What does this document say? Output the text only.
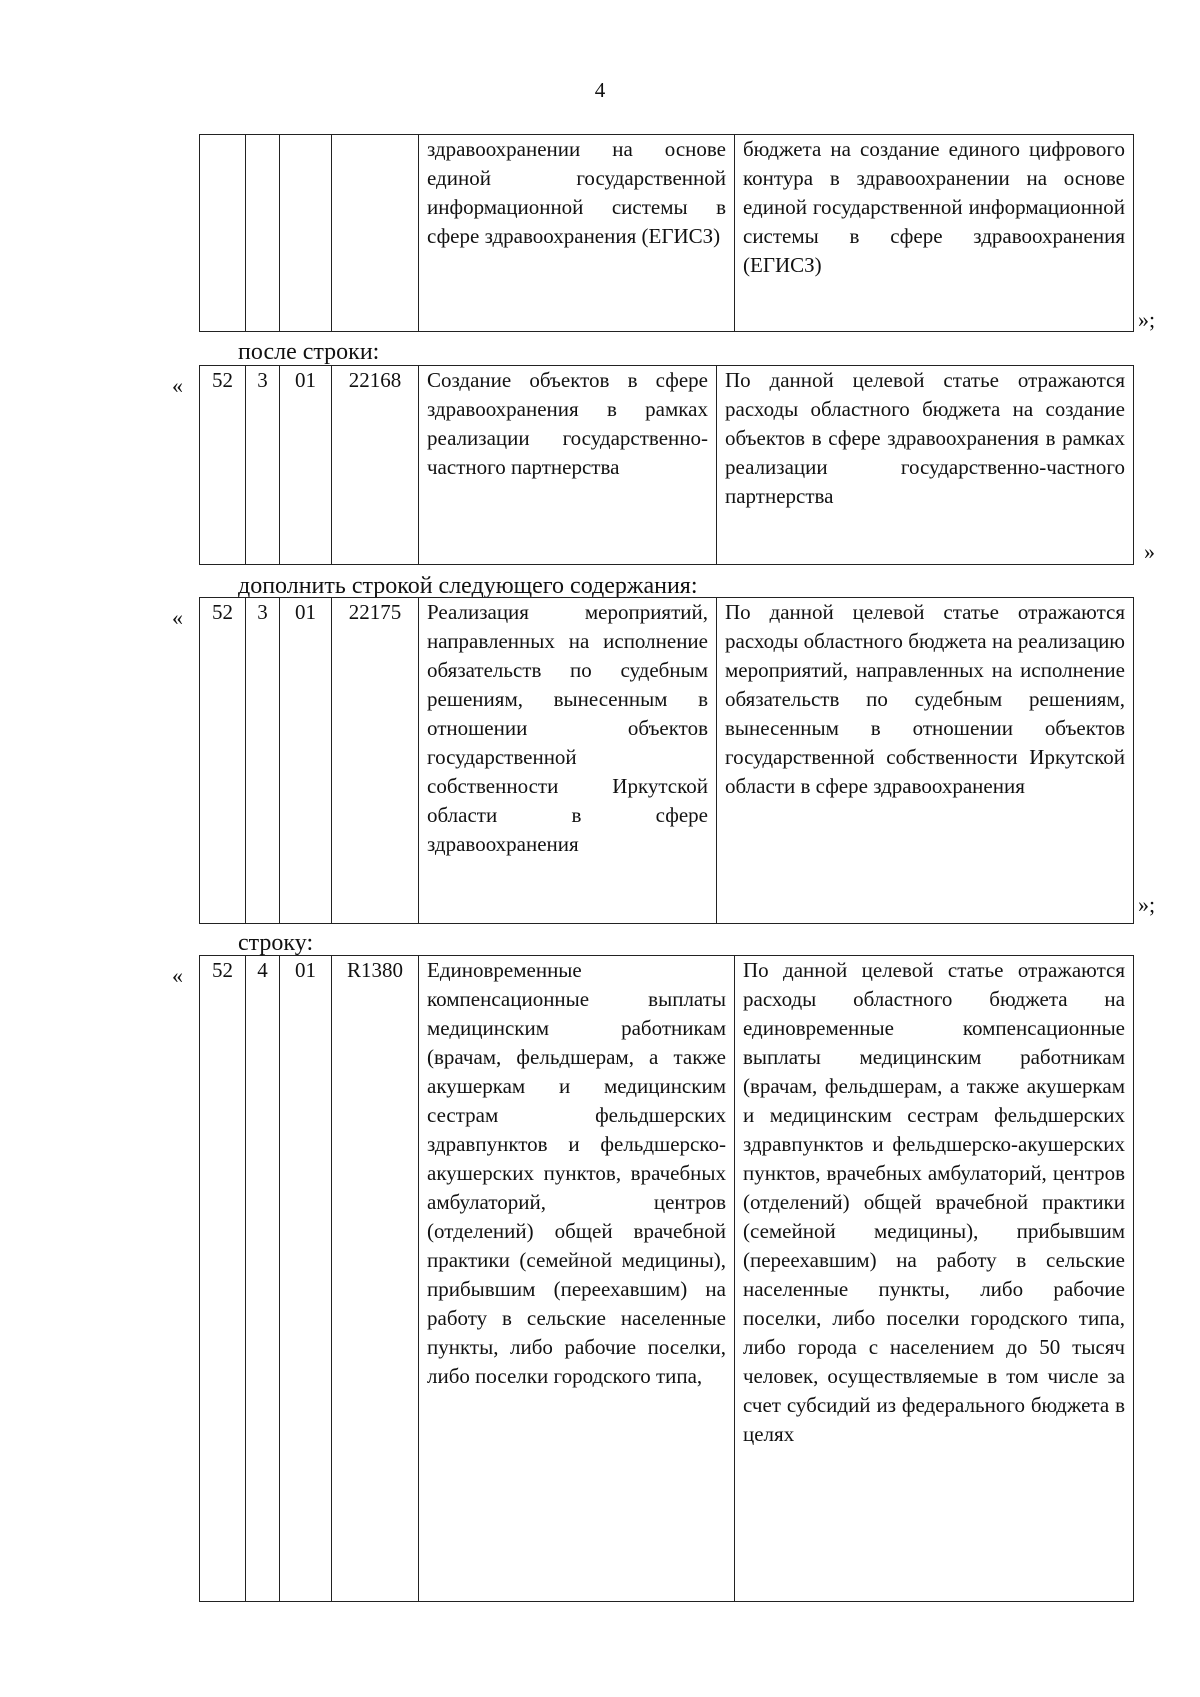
4
				здравоохранении на основе единой государственной информационной системы в сфере здравоохранения (ЕГИСЗ)	бюджета на создание единого цифрового контура в здравоохранении на основе единой государственной информационной системы в сфере здравоохранения (ЕГИСЗ)
»;
после строки:
« 52	3	01	22168	Создание объектов в сфере здравоохранения в рамках реализации государственно-частного партнерства	По данной целевой статье отражаются расходы областного бюджета на создание объектов в сфере здравоохранения в рамках реализации государственно-частного партнерства
»
дополнить строкой следующего содержания:
« 52	3	01	22175	Реализация мероприятий, направленных на исполнение обязательств по судебным решениям, вынесенным в отношении объектов государственной собственности Иркутской области в сфере здравоохранения	По данной целевой статье отражаются расходы областного бюджета на реализацию мероприятий, направленных на исполнение обязательств по судебным решениям, вынесенным в отношении объектов государственной собственности Иркутской области в сфере здравоохранения
»;
строку:
« 52	4	01	R1380	Единовременные компенсационные выплаты медицинским работникам (врачам, фельдшерам, а также акушеркам и медицинским сестрам фельдшерских здравпунктов и фельдшерско-акушерских пунктов, врачебных амбулаторий, центров (отделений) общей врачебной практики (семейной медицины), прибывшим (переехавшим) на работу в сельские населенные пункты, либо рабочие поселки, либо поселки городского типа,	По данной целевой статье отражаются расходы областного бюджета на единовременные компенсационные выплаты медицинским работникам (врачам, фельдшерам, а также акушеркам и медицинским сестрам фельдшерских здравпунктов и фельдшерско-акушерских пунктов, врачебных амбулаторий, центров (отделений) общей врачебной практики (семейной медицины), прибывшим (переехавшим) на работу в сельские населенные пункты, либо рабочие поселки, либо поселки городского типа, либо города с населением до 50 тысяч человек, осуществляемые в том числе за счет субсидий из федерального бюджета в целях
